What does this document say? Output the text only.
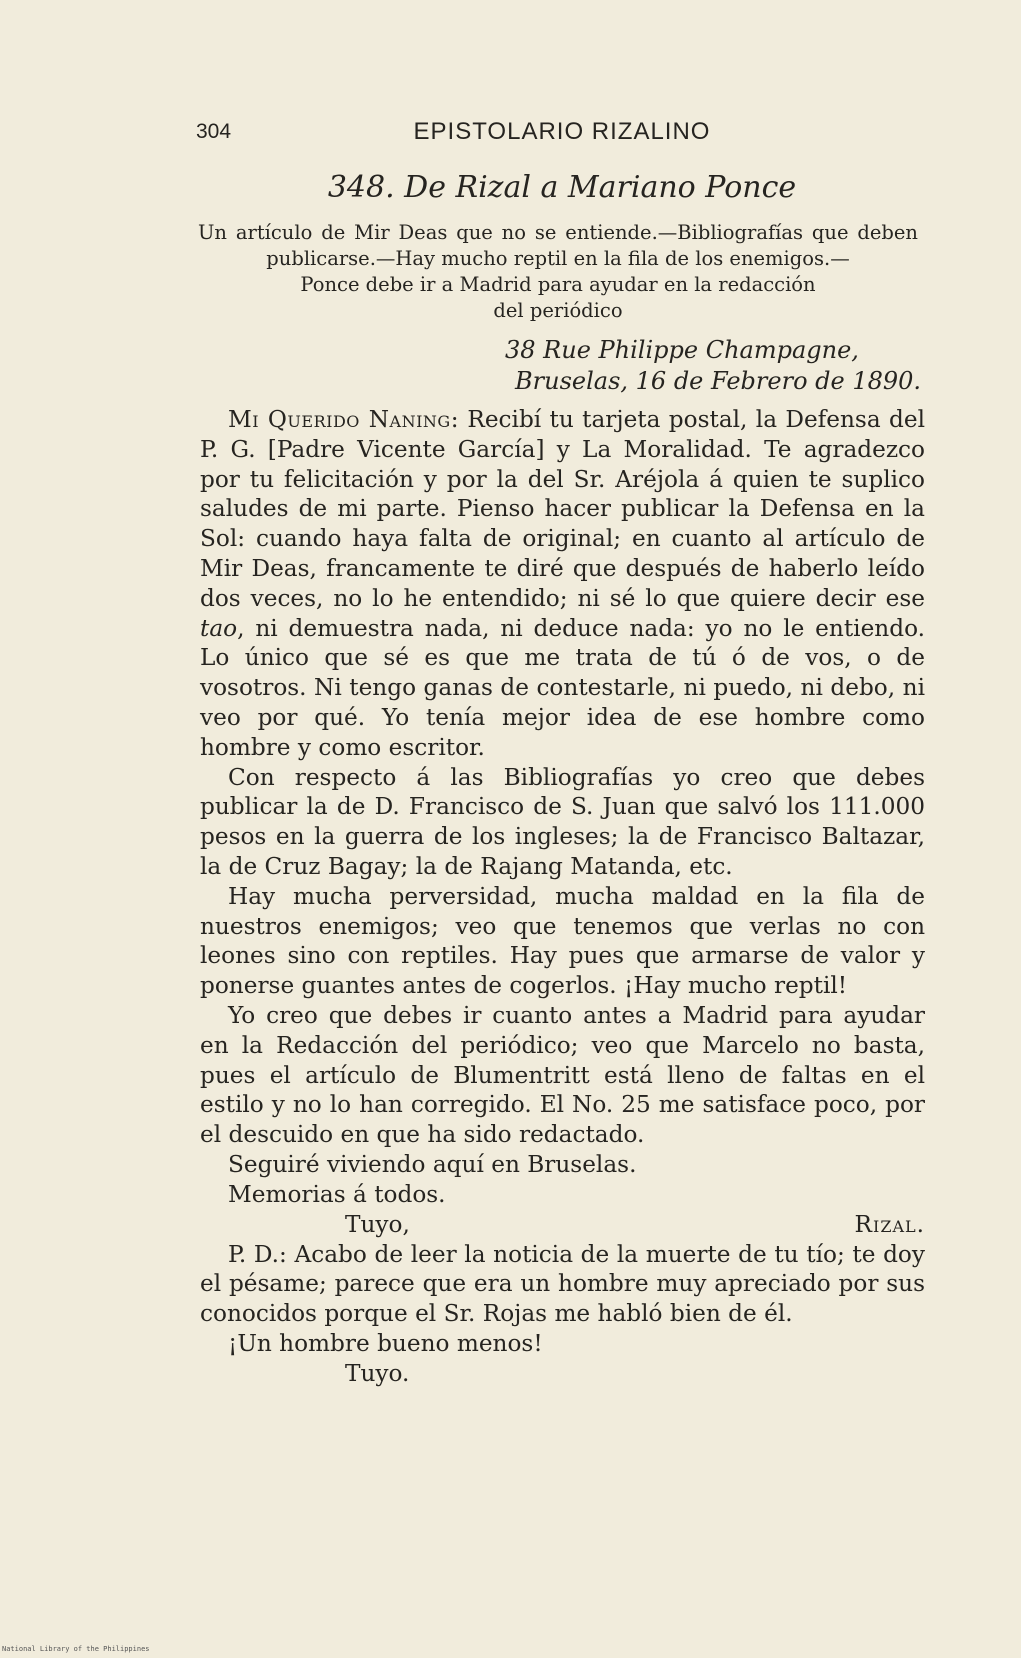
304	EPISTOLARIO RIZALINO
348. De Rizal a Mariano Ponce
Un artículo de Mir Deas que no se entiende.—Bibliografías que deben
publicarse.—Hay mucho reptil en la fila de los enemigos.—
Ponce debe ir a Madrid para ayudar en la redacción
del periódico
38 Rue Philippe Champagne,
Bruselas, 16 de Febrero de 1890.

Mi Querido Naning: Recibí tu tarjeta postal, la Defensa del P. G. [Padre Vicente García] y La Moralidad. Te agradezco por tu felicitación y por la del Sr. Aréjola á quien te suplico saludes de mi parte. Pienso hacer publicar la Defensa en la Sol: cuando haya falta de original; en cuanto al artículo de Mir Deas, francamente te diré que después de haberlo leído dos veces, no lo he entendido; ni sé lo que quiere decir ese tao, ni demuestra nada, ni deduce nada: yo no le entiendo. Lo único que sé es que me trata de tú ó de vos, o de vosotros. Ni tengo ganas de contestarle, ni puedo, ni debo, ni veo por qué. Yo tenía mejor idea de ese hombre como hombre y como escritor.

Con respecto á las Bibliografías yo creo que debes publicar la de D. Francisco de S. Juan que salvó los 111.000 pesos en la guerra de los ingleses; la de Francisco Baltazar, la de Cruz Bagay; la de Rajang Matanda, etc.

Hay mucha perversidad, mucha maldad en la fila de nuestros enemigos; veo que tenemos que verlas no con leones sino con reptiles. Hay pues que armarse de valor y ponerse guantes antes de cogerlos. ¡Hay mucho reptil!

Yo creo que debes ir cuanto antes a Madrid para ayudar en la Redacción del periódico; veo que Marcelo no basta, pues el artículo de Blumentritt está lleno de faltas en el estilo y no lo han corregido. El No. 25 me satisface poco, por el descuido en que ha sido redactado.

Seguiré viviendo aquí en Bruselas.

Memorias á todos.

Tuyo,	Rizal.

P. D.: Acabo de leer la noticia de la muerte de tu tío; te doy el pésame; parece que era un hombre muy apreciado por sus conocidos porque el Sr. Rojas me habló bien de él.

¡Un hombre bueno menos!

Tuyo.
National Library of the Philippines
